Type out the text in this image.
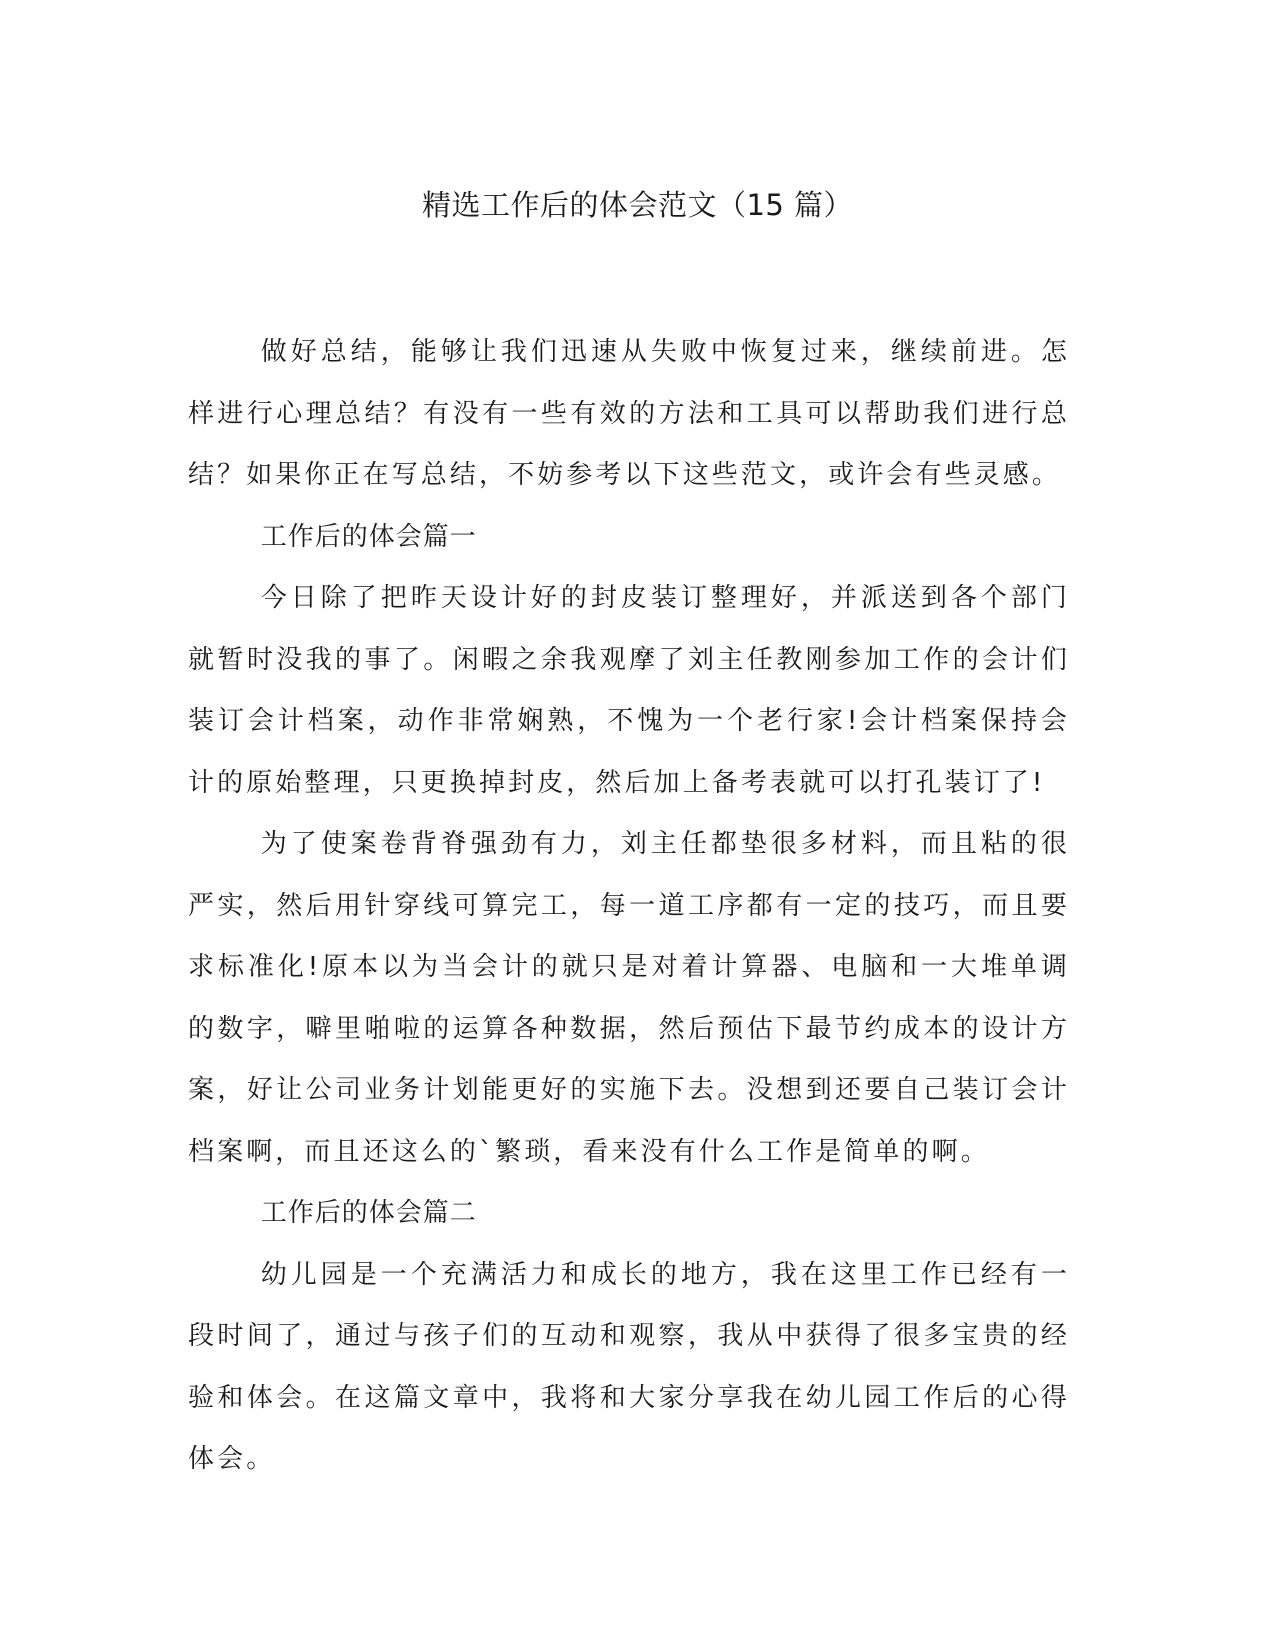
精选工作后的体会范文（15 篇）

做好总结，能够让我们迅速从失败中恢复过来，继续前进。怎样进行心理总结？有没有一些有效的方法和工具可以帮助我们进行总结？如果你正在写总结，不妨参考以下这些范文，或许会有些灵感。

工作后的体会篇一

今日除了把昨天设计好的封皮装订整理好，并派送到各个部门就暂时没我的事了。闲暇之余我观摩了刘主任教刚参加工作的会计们装订会计档案，动作非常娴熟，不愧为一个老行家!会计档案保持会计的原始整理，只更换掉封皮，然后加上备考表就可以打孔装订了!

为了使案卷背脊强劲有力，刘主任都垫很多材料，而且粘的很严实，然后用针穿线可算完工，每一道工序都有一定的技巧，而且要求标准化!原本以为当会计的就只是对着计算器、电脑和一大堆单调的数字，噼里啪啦的运算各种数据，然后预估下最节约成本的设计方案，好让公司业务计划能更好的实施下去。没想到还要自己装订会计档案啊，而且还这么的`繁琐，看来没有什么工作是简单的啊。

工作后的体会篇二

幼儿园是一个充满活力和成长的地方，我在这里工作已经有一段时间了，通过与孩子们的互动和观察，我从中获得了很多宝贵的经验和体会。在这篇文章中，我将和大家分享我在幼儿园工作后的心得体会。
